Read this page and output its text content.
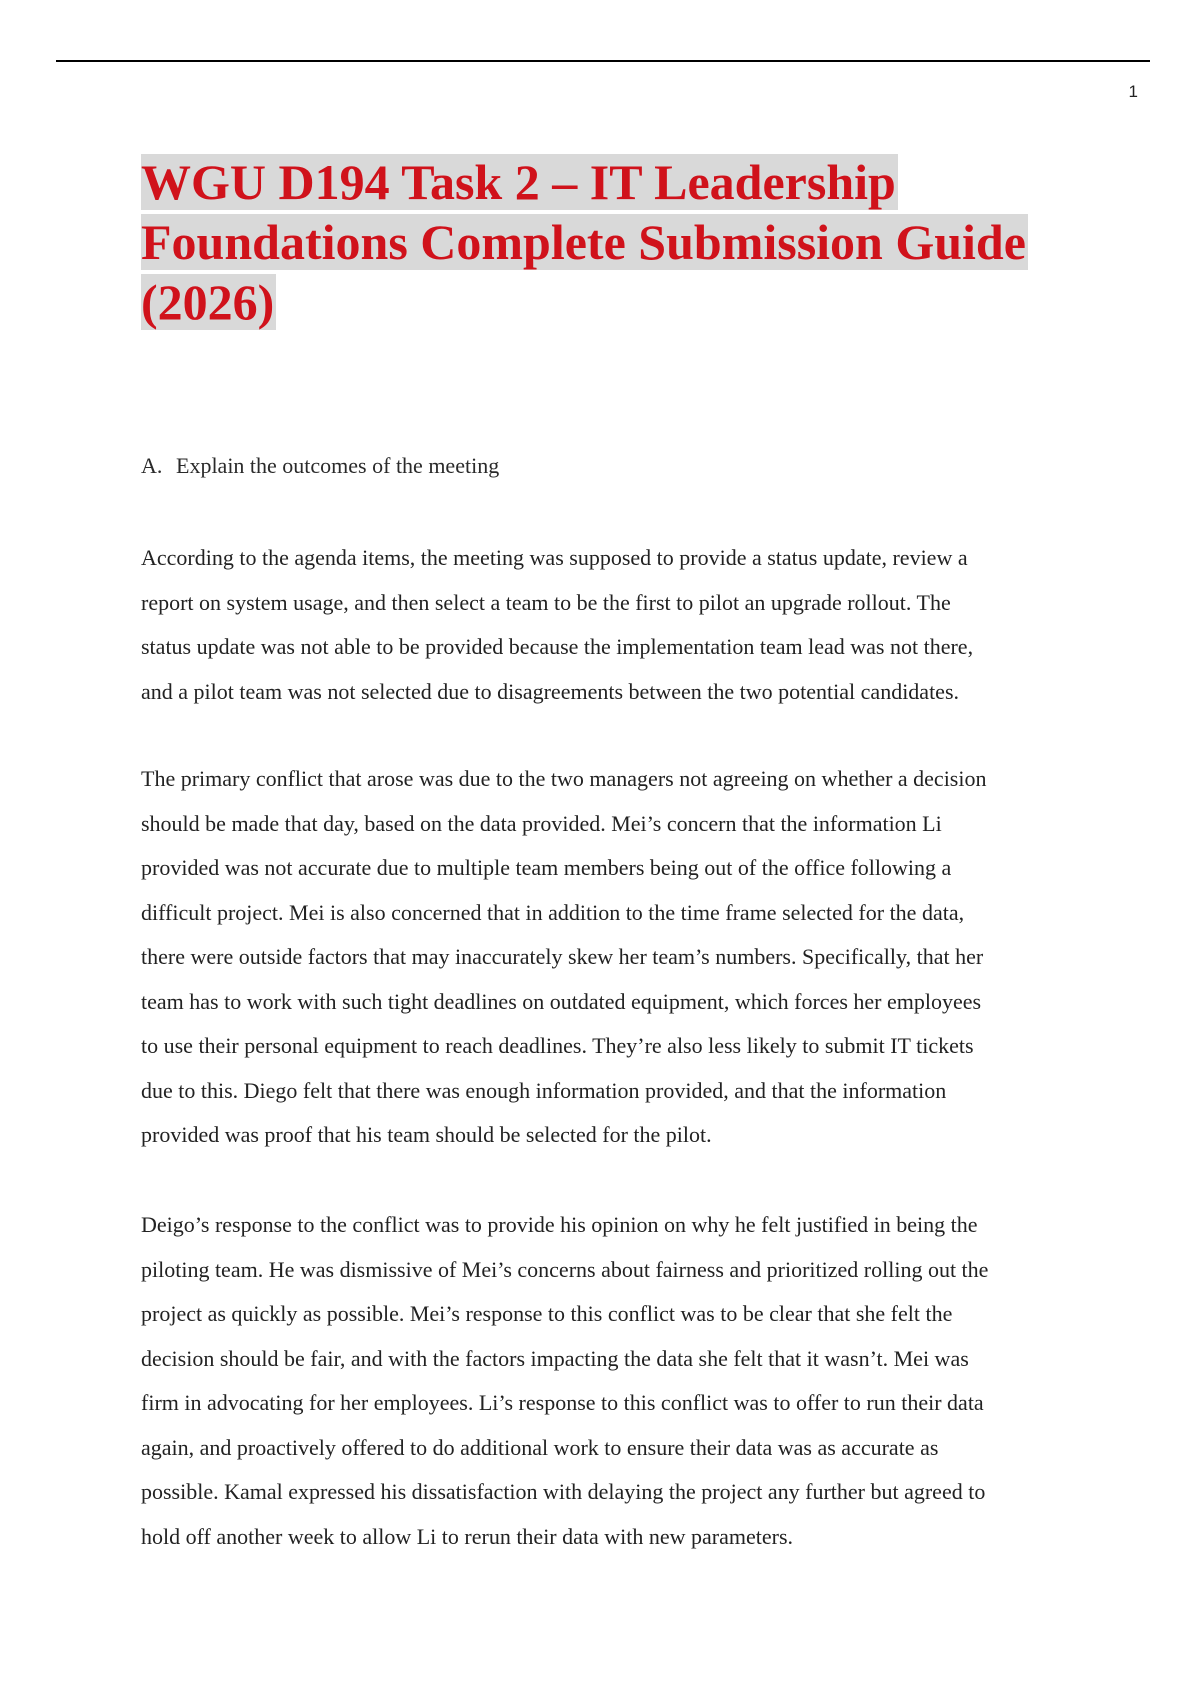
1
WGU D194 Task 2 – IT Leadership
Foundations Complete Submission Guide
(2026)
A. Explain the outcomes of the meeting

According to the agenda items, the meeting was supposed to provide a status update, review a
report on system usage, and then select a team to be the first to pilot an upgrade rollout. The
status update was not able to be provided because the implementation team lead was not there,
and a pilot team was not selected due to disagreements between the two potential candidates.

The primary conflict that arose was due to the two managers not agreeing on whether a decision
should be made that day, based on the data provided. Mei’s concern that the information Li
provided was not accurate due to multiple team members being out of the office following a
difficult project. Mei is also concerned that in addition to the time frame selected for the data,
there were outside factors that may inaccurately skew her team’s numbers. Specifically, that her
team has to work with such tight deadlines on outdated equipment, which forces her employees
to use their personal equipment to reach deadlines. They’re also less likely to submit IT tickets
due to this. Diego felt that there was enough information provided, and that the information
provided was proof that his team should be selected for the pilot.

Deigo’s response to the conflict was to provide his opinion on why he felt justified in being the
piloting team. He was dismissive of Mei’s concerns about fairness and prioritized rolling out the
project as quickly as possible. Mei’s response to this conflict was to be clear that she felt the
decision should be fair, and with the factors impacting the data she felt that it wasn’t. Mei was
firm in advocating for her employees. Li’s response to this conflict was to offer to run their data
again, and proactively offered to do additional work to ensure their data was as accurate as
possible. Kamal expressed his dissatisfaction with delaying the project any further but agreed to
hold off another week to allow Li to rerun their data with new parameters.
